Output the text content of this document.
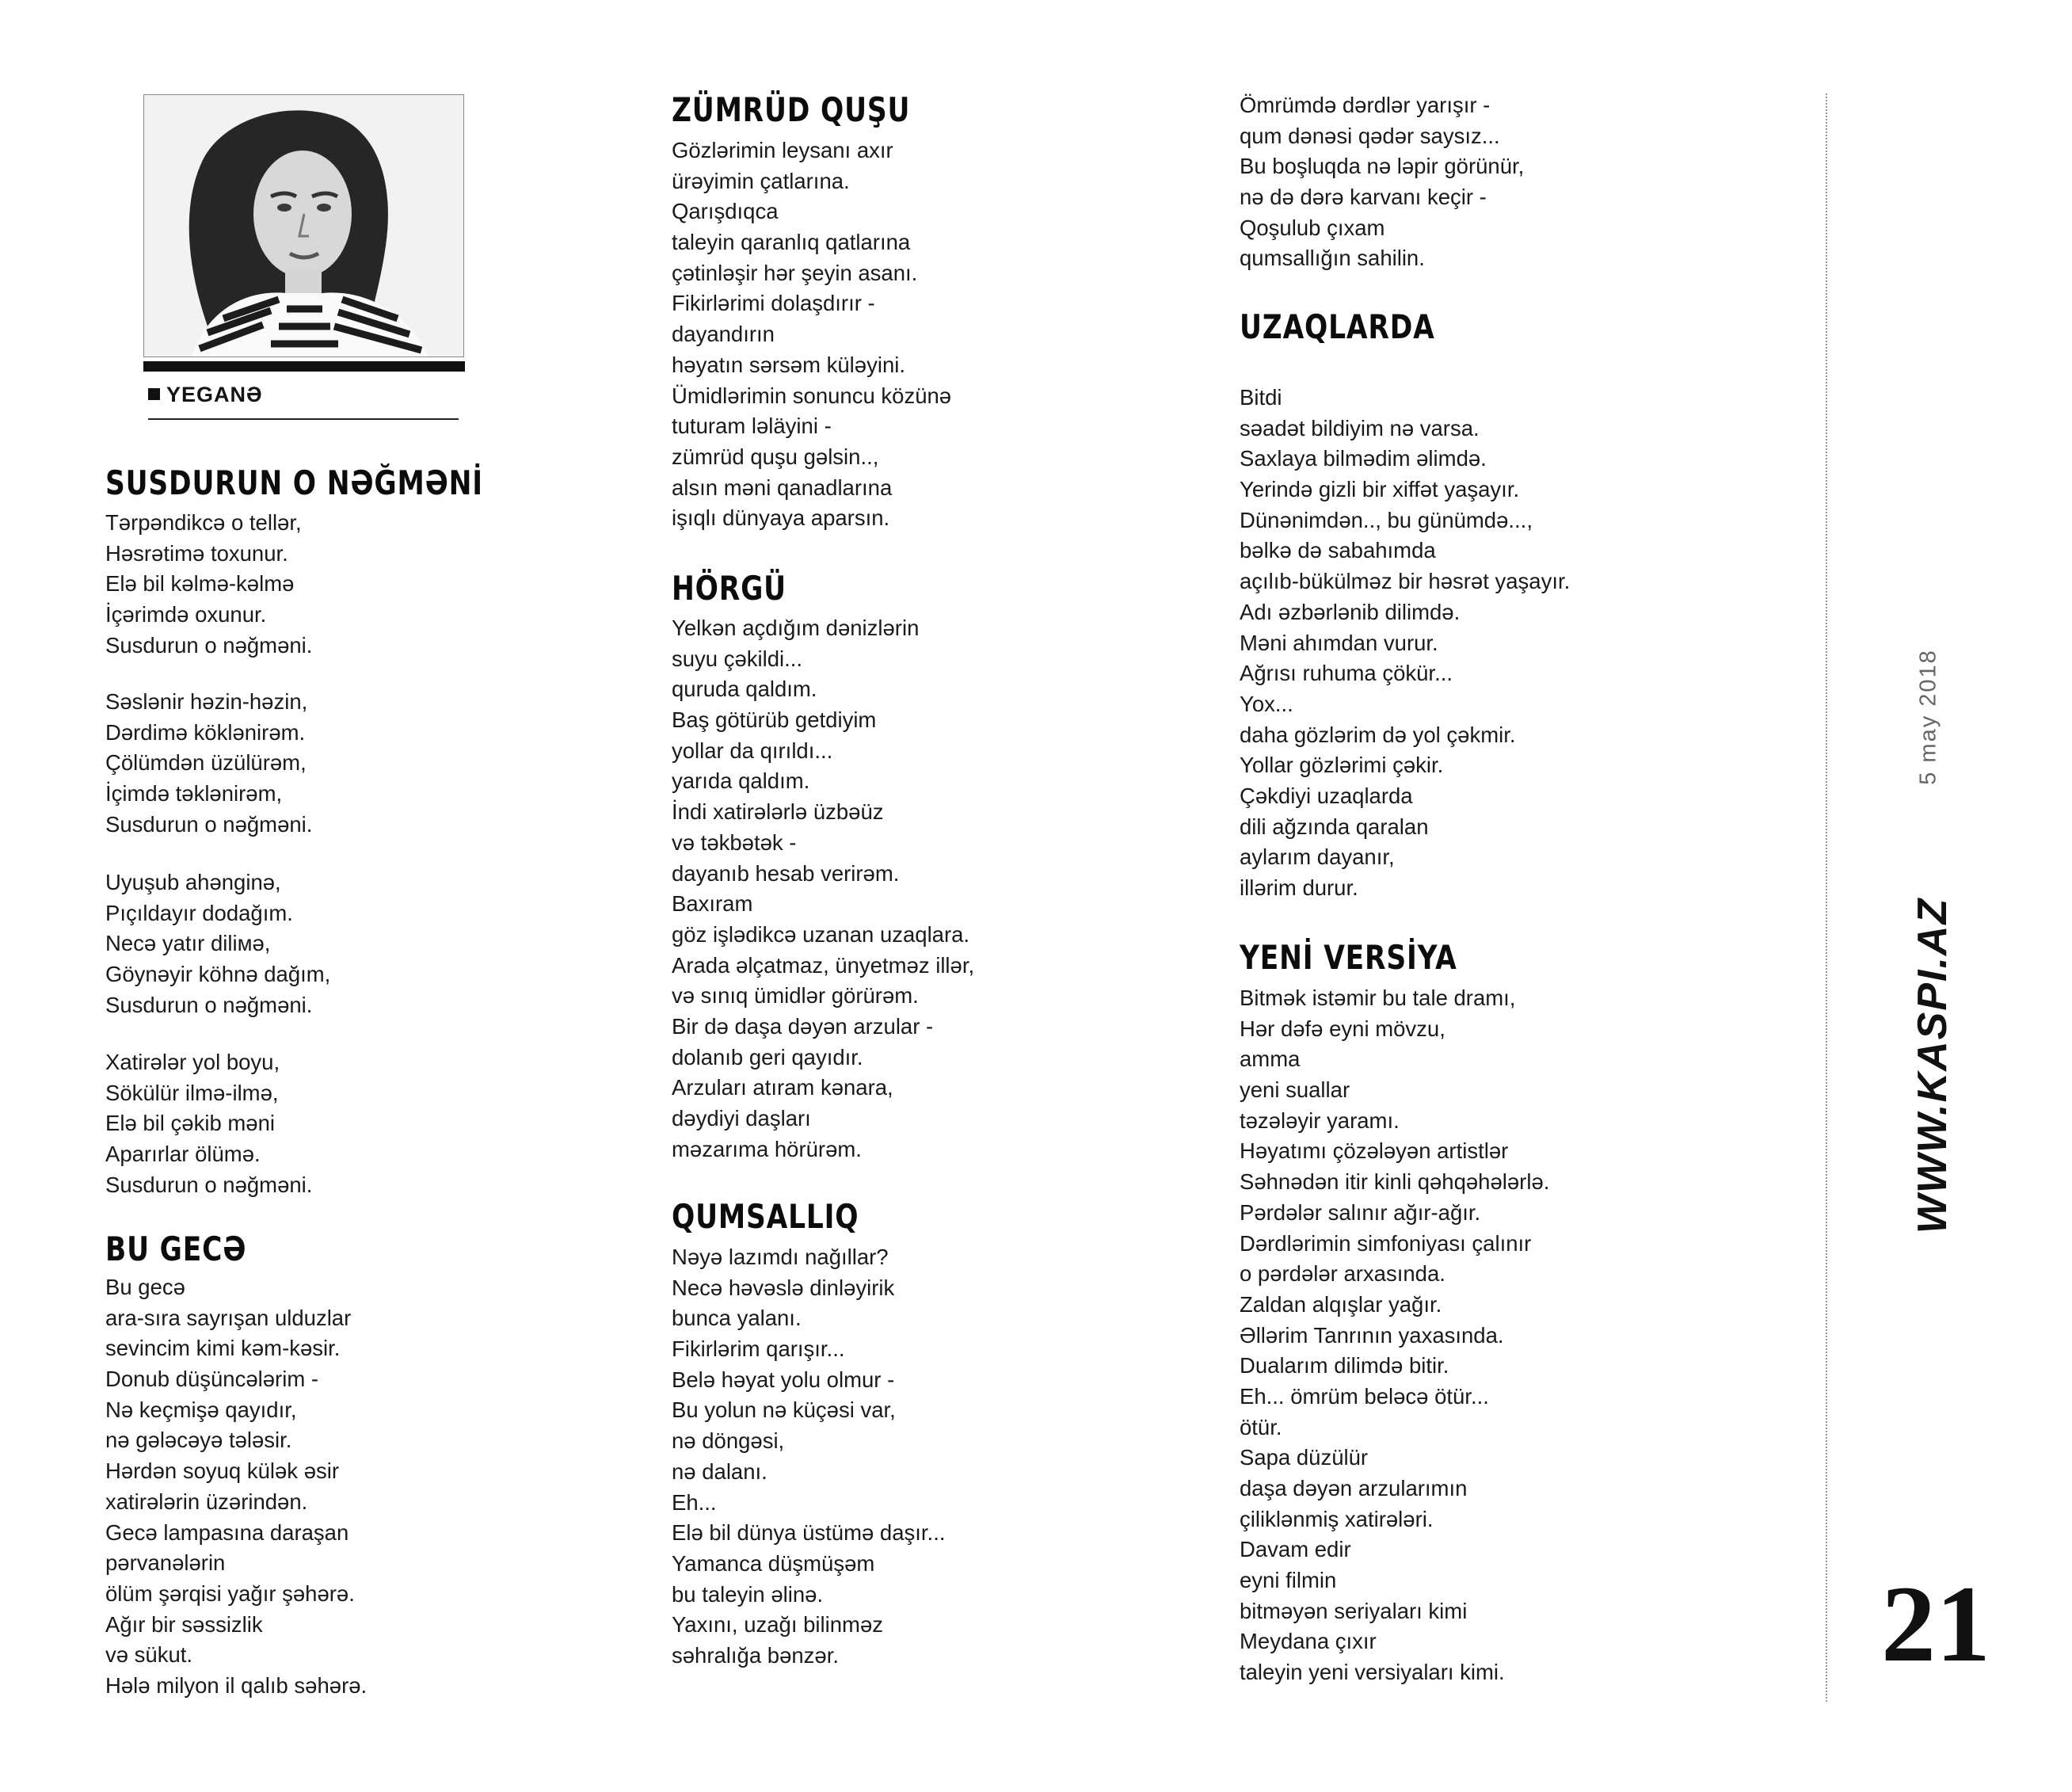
YEGANƏ
SUSDURUN O NƏĞMƏNİ
Tərpəndikcə o tellər,
Həsrətimə toxunur.
Elə bil kəlmə-kəlmə
İçərimdə oxunur.
Susdurun o nəğməni.
Səslənir həzin-həzin,
Dərdimə köklənirəm.
Çölümdən üzülürəm,
İçimdə təklənirəm,
Susdurun o nəğməni.
Uyuşub ahənginə,
Pıçıldayır dodağım.
Necə yatır diliмə,
Göynəyir köhnə dağım,
Susdurun o nəğməni.
Xatirələr yol boyu,
Sökülür ilmə-ilmə,
Elə bil çəkib məni
Aparırlar ölümə.
Susdurun o nəğməni.
BU GECƏ
Bu gecə
ara-sıra sayrışan ulduzlar
sevincim kimi kəm-kəsir.
Donub düşüncələrim -
Nə keçmişə qayıdır,
nə gələcəyə tələsir.
Hərdən soyuq külək əsir
xatirələrin üzərindən.
Gecə lampasına daraşan
pərvanələrin
ölüm şərqisi yağır şəhərə.
Ağır bir səssizlik
və sükut.
Hələ milyon il qalıb səhərə.
ZÜMRÜD QUŞU
Gözlərimin leysanı axır
ürəyimin çatlarına.
Qarışdıqca
taleyin qaranlıq qatlarına
çətinləşir hər şeyin asanı.
Fikirlərimi dolaşdırır -
dayandırın
həyatın sərsəm küləyini.
Ümidlərimin sonuncu közünə
tuturam ləläyini -
zümrüd quşu gəlsin..,
alsın məni qanadlarına
işıqlı dünyaya aparsın.
HÖRGÜ
Yelkən açdığım dənizlərin
suyu çəkildi...
quruda qaldım.
Baş götürüb getdiyim
yollar da qırıldı...
yarıda qaldım.
İndi xatirələrlə üzbəüz
və təkbətək -
dayanıb hesab verirəm.
Baxıram
göz işlədikcə uzanan uzaqlara.
Arada əlçatmaz, ünyetməz illər,
və sınıq ümidlər görürəm.
Bir də daşa dəyən arzular -
dolanıb geri qayıdır.
Arzuları atıram kənara,
dəydiyi daşları
məzarıma hörürəm.
QUMSALLIQ
Nəyə lazımdı nağıllar?
Necə həvəslə dinləyirik
bunca yalanı.
Fikirlərim qarışır...
Belə həyat yolu olmur -
Bu yolun nə küçəsi var,
nə döngəsi,
nə dalanı.
Eh...
Elə bil dünya üstümə daşır...
Yamanca düşmüşəm
bu taleyin əlinə.
Yaxını, uzağı bilinməz
səhralığa bənzər.
Ömrümdə dərdlər yarışır -
qum dənəsi qədər saysız...
Bu boşluqda nə ləpir görünür,
nə də dərə karvanı keçir -
Qoşulub çıxam
qumsallığın sahilin.
UZAQLARDA
Bitdi
səadət bildiyim nə varsa.
Saxlaya bilmədim əlimdə.
Yerində gizli bir xiffət yaşayır.
Dünənimdən.., bu günümdə...,
bəlkə də sabahımda
açılıb-bükülməz bir həsrət yaşayır.
Adı əzbərlənib dilimdə.
Məni ahımdan vurur.
Ağrısı ruhuma çökür...
Yox...
daha gözlərim də yol çəkmir.
Yollar gözlərimi çəkir.
Çəkdiyi uzaqlarda
dili ağzında qaralan
aylarım dayanır,
illərim durur.
YENİ VERSİYA
Bitmək istəmir bu tale dramı,
Hər dəfə eyni mövzu,
amma
yeni suallar
təzələyir yaramı.
Həyatımı çözələyən artistlər
Səhnədən itir kinli qəhqəhələrlə.
Pərdələr salınır ağır-ağır.
Dərdlərimin simfoniyası çalınır
o pərdələr arxasında.
Zaldan alqışlar yağır.
Əllərim Tanrının yaxasında.
Dualarım dilimdə bitir.
Eh... ömrüm beləcə ötür...
ötür.
Sapa düzülür
daşa dəyən arzularımın
çiliklənmiş xatirələri.
Davam edir
eyni filmin
bitməyən seriyaları kimi
Meydana çıxır
taleyin yeni versiyaları kimi.
5 may 2018
WWW.KASPI.AZ
21
